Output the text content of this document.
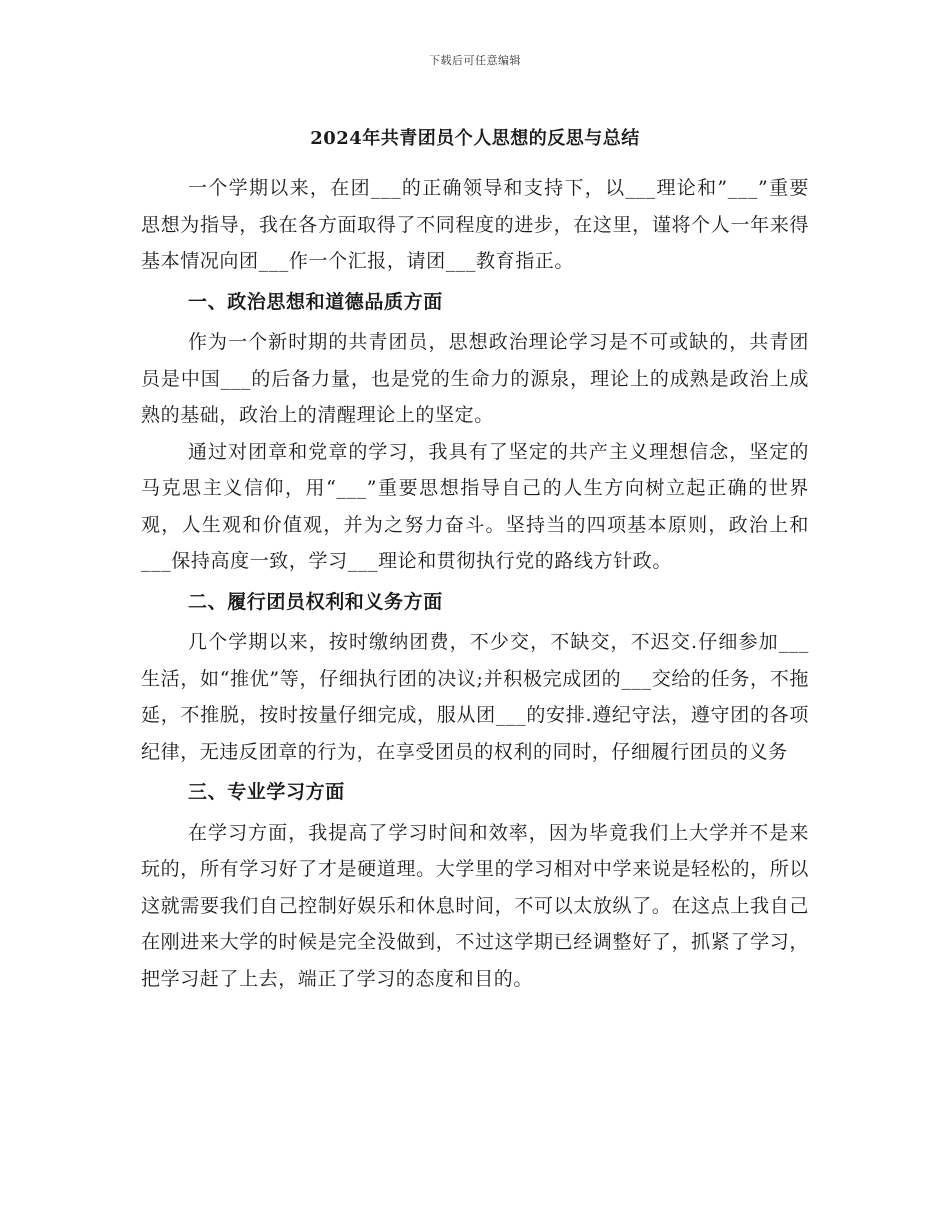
下载后可任意编辑
2024年共青团员个人思想的反思与总结

一个学期以来，在团___的正确领导和支持下，以___理论和”___”重要思想为指导，我在各方面取得了不同程度的进步，在这里，谨将个人一年来得基本情况向团___作一个汇报，请团___教育指正。

一、政治思想和道德品质方面

作为一个新时期的共青团员，思想政治理论学习是不可或缺的，共青团员是中国___的后备力量，也是党的生命力的源泉，理论上的成熟是政治上成熟的基础，政治上的清醒理论上的坚定。

通过对团章和党章的学习，我具有了坚定的共产主义理想信念，坚定的马克思主义信仰，用“___”重要思想指导自己的人生方向树立起正确的世界观，人生观和价值观，并为之努力奋斗。坚持当的四项基本原则，政治上和___保持高度一致，学习___理论和贯彻执行党的路线方针政。

二、履行团员权利和义务方面

几个学期以来，按时缴纳团费，不少交，不缺交，不迟交.仔细参加___生活，如“推优”等，仔细执行团的决议;并积极完成团的___交给的任务，不拖延，不推脱，按时按量仔细完成，服从团___的安排.遵纪守法，遵守团的各项纪律，无违反团章的行为，在享受团员的权利的同时，仔细履行团员的义务

三、专业学习方面

在学习方面，我提高了学习时间和效率，因为毕竟我们上大学并不是来玩的，所有学习好了才是硬道理。大学里的学习相对中学来说是轻松的，所以这就需要我们自己控制好娱乐和休息时间，不可以太放纵了。在这点上我自己在刚进来大学的时候是完全没做到，不过这学期已经调整好了，抓紧了学习，把学习赶了上去，端正了学习的态度和目的。
